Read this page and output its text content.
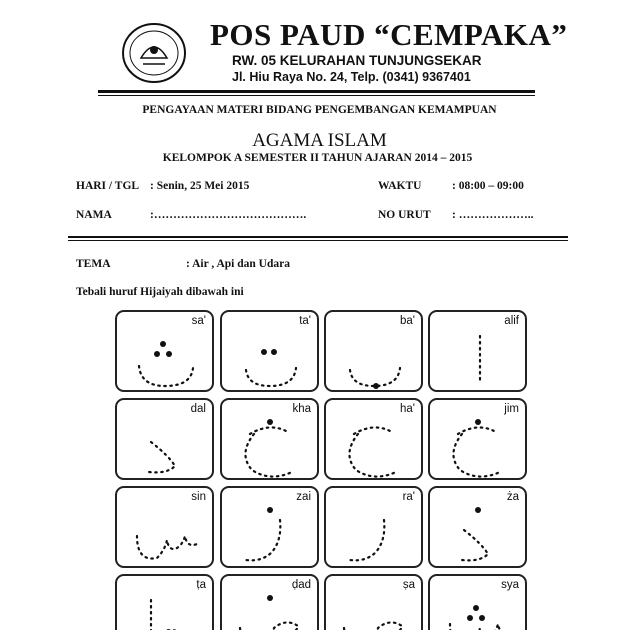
POS PAUD “CEMPAKA”
RW. 05 KELURAHAN TUNJUNGSEKAR
Jl. Hiu Raya No. 24, Telp. (0341) 9367401
PENGAYAAN MATERI BIDANG PENGEMBANGAN KEMAMPUAN
AGAMA ISLAM
KELOMPOK A SEMESTER II TAHUN AJARAN 2014 – 2015
HARI / TGL : Senin, 25 Mei 2015	WAKTU	: 08:00 – 09:00
NAMA	:………………………………….	NO URUT : ………………..
TEMA	: Air , Api dan Udara
Tebali huruf Hijaiyah dibawah ini
sa'	ta'	ba'	alif
dal	kha	ha'	jim
sin	zai	ra'	ża
ṭa	ḍad	ṣa	sya
